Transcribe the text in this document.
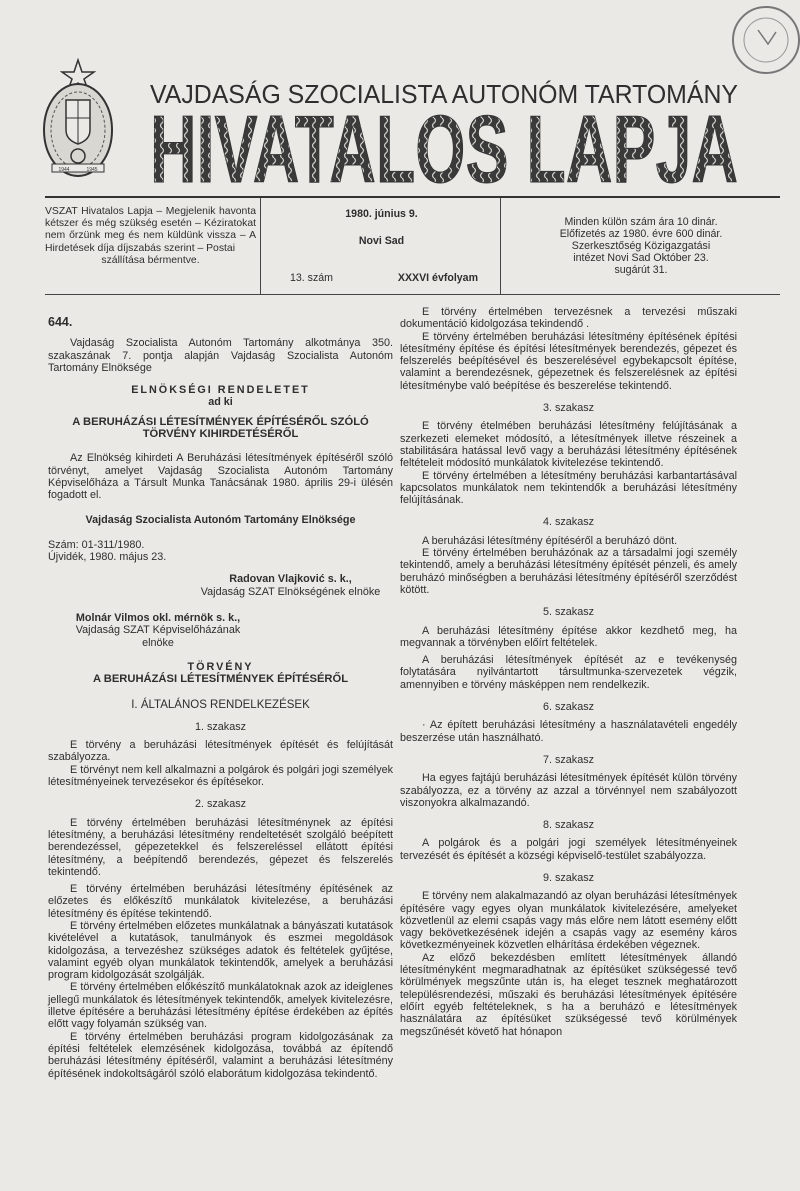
1944	1945
VAJDASÁG SZOCIALISTA AUTONÓM TARTOMÁNY
HIVATALOS LAPJA
VSZAT Hivatalos Lapja – Megjelenik havonta kétszer és még szükség esetén – Kéziratokat nem őrzünk meg és nem küldünk vissza – A Hirdetések díja díjszabás szerint – Postai
szállítása bérmentve.
1980. június 9.
Novi Sad
13. szám	XXXVI évfolyam
Minden külön szám ára 10 dinár.
Előfizetés az 1980. évre 600 dinár.
Szerkesztőség Közigazgatási
intézet Novi Sad Október 23.
sugárút 31.
644.
Vajdaság Szocialista Autonóm Tartomány alkotmánya 350. szakaszának 7. pontja alapján Vajdaság Szocialista Autonóm Tartomány Elnöksége
ELNÖKSÉGI RENDELETET
ad ki
A BERUHÁZÁSI LÉTESÍTMÉNYEK ÉPÍTÉSÉRŐL SZÓLÓ TÖRVÉNY KIHIRDETÉSÉRŐL
Az Elnökség kihirdeti A Beruházási létesítmények építéséről szóló törvényt, amelyet Vajdaság Szocialista Autonóm Tartomány Képviselőháza a Társult Munka Tanácsának 1980. április 29-i ülésén fogadott el.
Vajdaság Szocialista Autonóm Tartomány Elnöksége
Szám: 01-311/1980.
Újvidék, 1980. május 23.
Radovan Vlajković s. k.,
Vajdaság SZAT Elnökségének elnöke
Molnár Vilmos okl. mérnök s. k.,
Vajdaság SZAT Képviselőházának
elnöke
TÖRVÉNY
A BERUHÁZÁSI LÉTESÍTMÉNYEK ÉPÍTÉSÉRŐL
I. ÁLTALÁNOS RENDELKEZÉSEK
1. szakasz
E törvény a beruházási létesítmények építését és felújítását szabályozza.
E törvényt nem kell alkalmazni a polgárok és polgári jogi személyek létesítményeinek tervezésekor és építésekor.
2. szakasz
E törvény értelmében beruházási létesítménynek az építési létesítmény, a beruházási létesítmény rendeltetését szolgáló beépített berendezéssel, gépezetekkel és felszereléssel ellátott építési létesítmény, a beépítendő berendezés, gépezet és felszerelés tekintendő.
E törvény értelmében beruházási létesítmény építésének az előzetes és előkészítő munkálatok kivitelezése, a beruházási létesítmény és építése tekintendő.
E törvény értelmében előzetes munkálatnak a bányászati kutatások kivételével a kutatások, tanulmányok és eszmei megoldások kidolgozása, a tervezéshez szükséges adatok és feltételek gyűjtése, valamint egyéb olyan munkálatok tekintendők, amelyek a beruházási program kidolgozását szolgálják.
E törvény értelmében előkészítő munkálatoknak azok az ideiglenes jellegű munkálatok és létesítmények tekintendők, amelyek kivitelezésre, illetve építésére a beruházási létesítmény építése érdekében az építés előtt vagy folyamán szükség van.
E törvény értelmében beruházási program kidolgozásának za építési feltételek elemzésének kidolgozása, továbbá az építendő beruházási létesítmény építéséről, valamint a beruházási létesítmény építésének indokoltságáról szóló elaborátum kidolgozása tekindentő.
E törvény értelmében tervezésnek a tervezési műszaki dokumentáció kidolgozása tekindendő .
E törvény értelmében beruházási létesítmény építésének építési létesítmény építése és építési létesítmények berendezés, gépezet és felszerelés beépítésével és beszerelésével egybekapcsolt építése, valamint a berendezésnek, gépezetnek és felszerelésnek az építési létesítménybe való beépítése és beszerelése tekintendő.
3. szakasz
E törvény ételmében beruházási létesítmény felújításának a szerkezeti elemeket módosító, a létesítmények illetve részeinek a stabilitására hatással levő vagy a beruházási létesítmény építésének feltételeit módosító munkálatok kivitelezése tekintendő.
E törvény értelmében a létesítmény beruházási karbantartásával kapcsolatos munkálatok nem tekintendők a beruházási létesítmény felújításának.
4. szakasz
A beruházási létesítmény építéséről a beruházó dönt.
E törvény értelmében beruházónak az a társadalmi jogi személy tekintendő, amely a beruházási létesítmény építését pénzeli, és amely beruházó minőségben a beruházási létesítmény építéséről szerződést kötött.
5. szakasz
A beruházási létesítmény építése akkor kezdhető meg, ha megvannak a törvényben előírt feltételek.
A beruházási létesítmények építését az e tevékenység folytatására nyilvántartott társultmunka-szervezetek végzik, amennyiben e törvény másképpen nem rendelkezik.
6. szakasz
· Az épített beruházási létesítmény a használatavételi engedély beszerzése után használható.
7. szakasz
Ha egyes fajtájú beruházási létesítmények építését külön törvény szabályozza, ez a törvény az azzal a törvénnyel nem szabályozott viszonyokra alkalmazandó.
8. szakasz
A polgárok és a polgári jogi személyek létesítményeinek tervezését és építését a községi képviselő-testület szabályozza.
9. szakasz
E törvény nem alakalmazandó az olyan beruházási létesítmények építésére vagy egyes olyan munkálatok kivitelezésére, amelyeket közvetlenül az elemi csapás vagy más előre nem látott esemény előtt vagy bekövetkezésének idején a csapás vagy az esemény káros következményeinek közvetlen elhárítása érdekében végeznek.
Az előző bekezdésben említett létesítmények állandó létesítményként megmaradhatnak az építésüket szükségessé tevő körülmények megszűnte után is, ha eleget tesznek meghatározott településrendezési, műszaki és beruházási létesítmények építésére előírt egyéb feltételeknek, s ha a beruházó e létesítmények használatára az építésüket szükségessé tevő körülmények megszűnését követő hat hónapon
